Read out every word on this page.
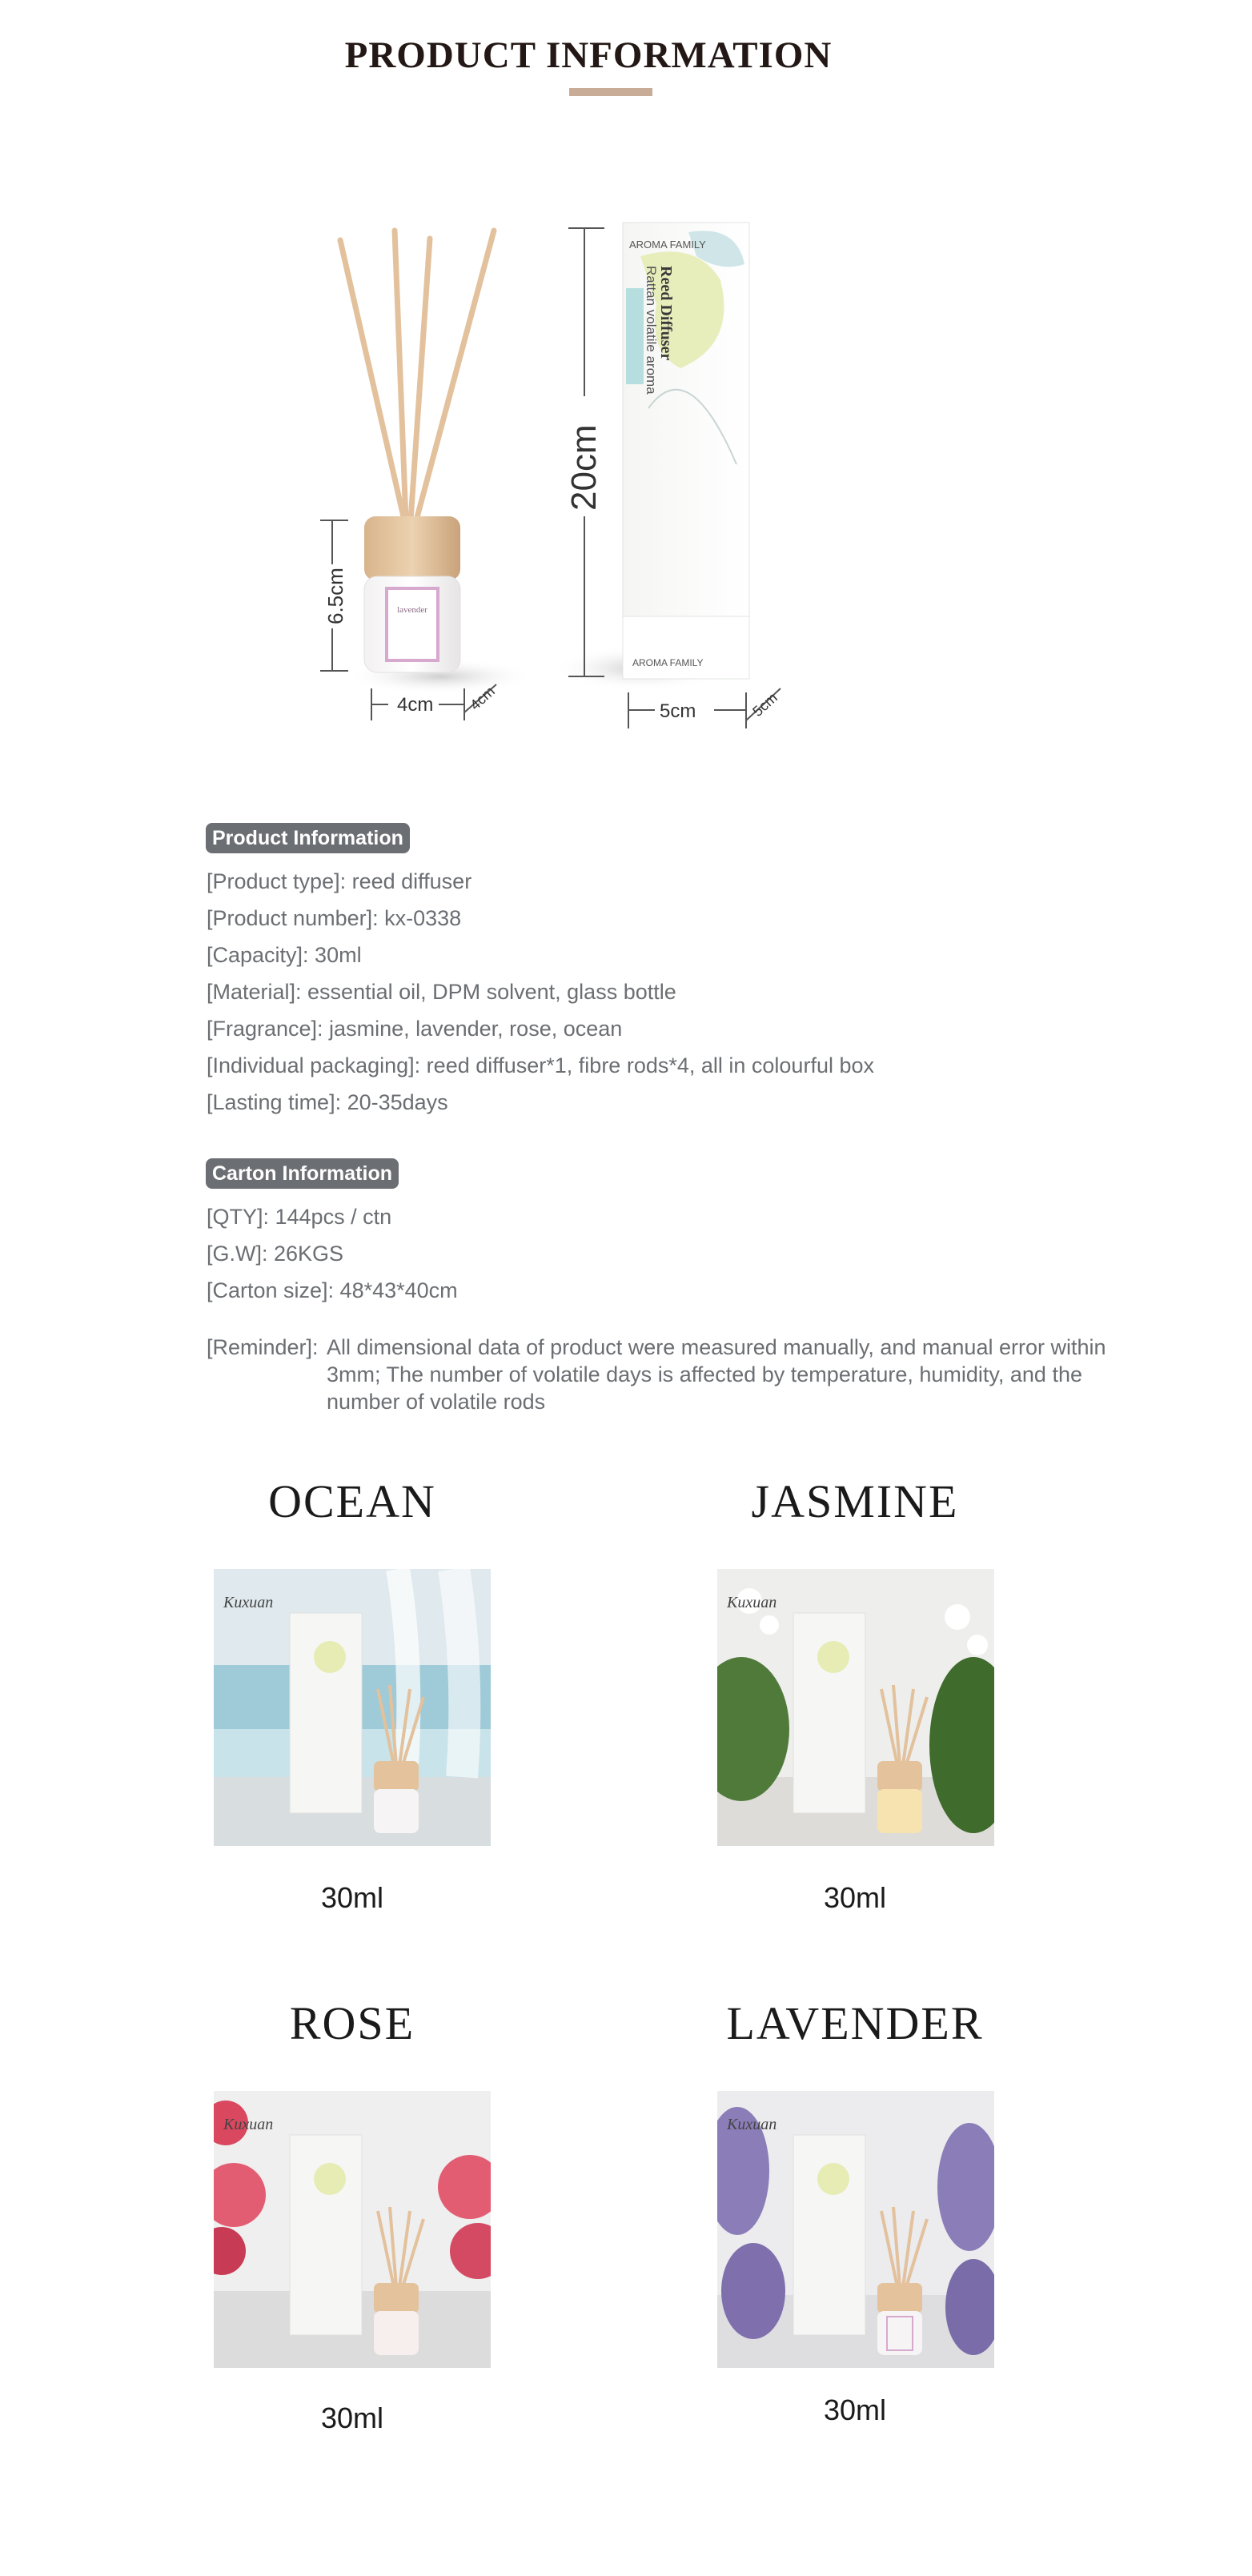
PRODUCT INFORMATION
lavender
6.5cm
4cm 4cm
AROMA FAMILY
Reed Diffuser
Rattan volatile aroma
AROMA FAMILY
20cm
5cm	5cm
Product Information
[Product type]: reed diffuser
[Product number]: kx-0338
[Capacity]: 30ml
[Material]: essential oil, DPM solvent, glass bottle
[Fragrance]: jasmine, lavender, rose, ocean
[Individual packaging]: reed diffuser*1, fibre rods*4, all in colourful box
[Lasting time]: 20-35days
Carton Information
[QTY]: 144pcs / ctn
[G.W]: 26KGS
[Carton size]: 48*43*40cm
[Reminder]: All dimensional data of product were measured manually, and manual error within 3mm; The number of volatile days is affected by temperature, humidity, and the number of volatile rods
OCEAN
Kuxuan
30ml
JASMINE
Kuxuan
30ml
ROSE
Kuxuan
30ml
LAVENDER
Kuxuan
30ml
